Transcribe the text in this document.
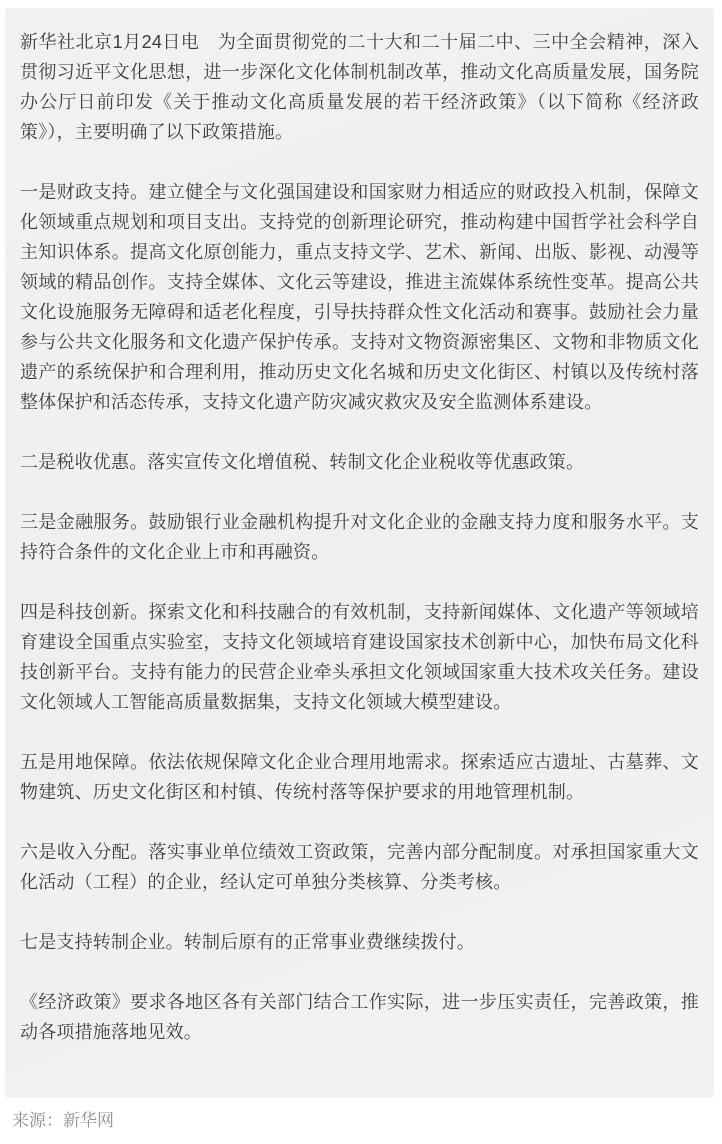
新华社北京1月24日电　为全面贯彻党的二十大和二十届二中、三中全会精神，深入贯彻习近平文化思想，进一步深化文化体制机制改革，推动文化高质量发展，国务院办公厅日前印发《关于推动文化高质量发展的若干经济政策》（以下简称《经济政策》），主要明确了以下政策措施。

一是财政支持。建立健全与文化强国建设和国家财力相适应的财政投入机制，保障文化领域重点规划和项目支出。支持党的创新理论研究，推动构建中国哲学社会科学自主知识体系。提高文化原创能力，重点支持文学、艺术、新闻、出版、影视、动漫等领域的精品创作。支持全媒体、文化云等建设，推进主流媒体系统性变革。提高公共文化设施服务无障碍和适老化程度，引导扶持群众性文化活动和赛事。鼓励社会力量参与公共文化服务和文化遗产保护传承。支持对文物资源密集区、文物和非物质文化遗产的系统保护和合理利用，推动历史文化名城和历史文化街区、村镇以及传统村落整体保护和活态传承，支持文化遗产防灾减灾救灾及安全监测体系建设。

二是税收优惠。落实宣传文化增值税、转制文化企业税收等优惠政策。

三是金融服务。鼓励银行业金融机构提升对文化企业的金融支持力度和服务水平。支持符合条件的文化企业上市和再融资。

四是科技创新。探索文化和科技融合的有效机制，支持新闻媒体、文化遗产等领域培育建设全国重点实验室，支持文化领域培育建设国家技术创新中心，加快布局文化科技创新平台。支持有能力的民营企业牵头承担文化领域国家重大技术攻关任务。建设文化领域人工智能高质量数据集，支持文化领域大模型建设。

五是用地保障。依法依规保障文化企业合理用地需求。探索适应古遗址、古墓葬、文物建筑、历史文化街区和村镇、传统村落等保护要求的用地管理机制。

六是收入分配。落实事业单位绩效工资政策，完善内部分配制度。对承担国家重大文化活动（工程）的企业，经认定可单独分类核算、分类考核。

七是支持转制企业。转制后原有的正常事业费继续拨付。

《经济政策》要求各地区各有关部门结合工作实际，进一步压实责任，完善政策，推动各项措施落地见效。

来源：新华网
